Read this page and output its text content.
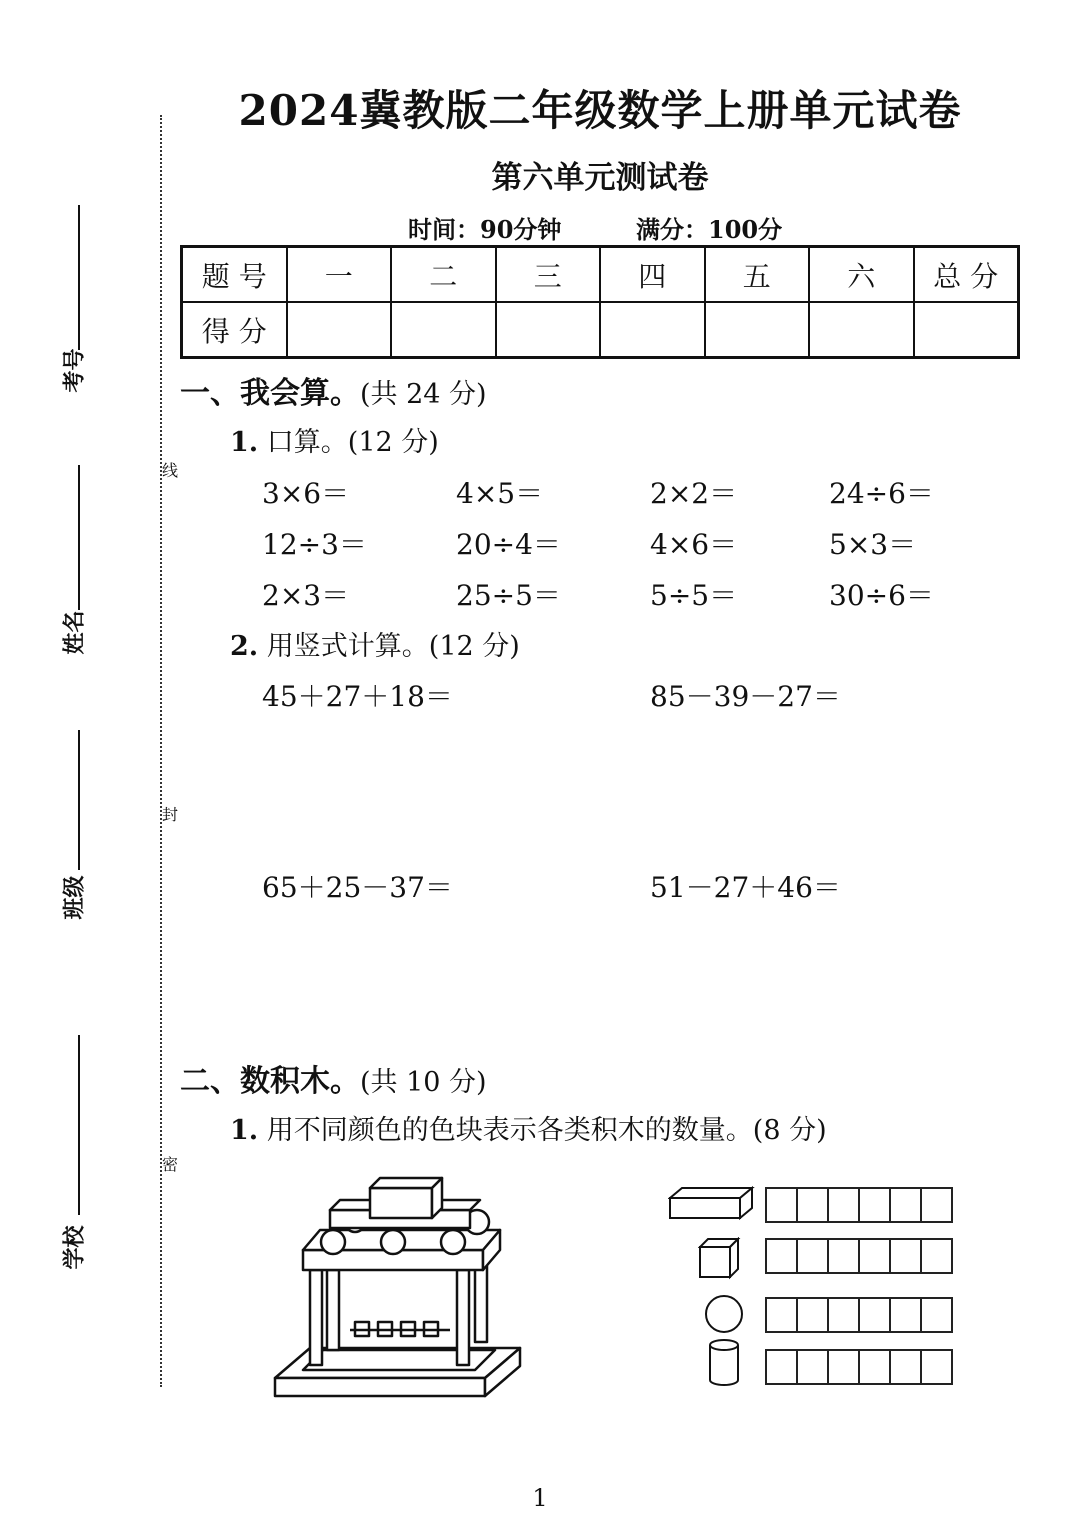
2024冀教版二年级数学上册单元试卷
第六单元测试卷
时间：90分钟	满分：100分
题 号	一	二	三	四	五	六	总 分
得 分							
线
封
密
考号
姓名
班级
学校
一、我会算。(共 24 分)
1. 口算。(12 分)
3×6＝	4×5＝	2×2＝	24÷6＝
12÷3＝	20÷4＝	4×6＝	5×3＝
2×3＝	25÷5＝	5÷5＝	30÷6＝
2. 用竖式计算。(12 分)
45＋27＋18＝	85－39－27＝
65＋25－37＝	51－27＋46＝
二、数积木。(共 10 分)
1. 用不同颜色的色块表示各类积木的数量。(8 分)
1
